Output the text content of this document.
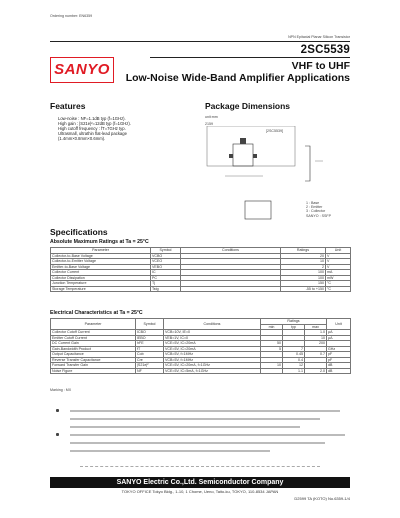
Ordering number: EN6359
NPN Epitaxial Planar Silicon Transistor
SANYO
2SC5539
VHF to UHF
Low-Noise Wide-Band Amplifier Applications
Features
Low-noise : NF=1.1dB typ (f=1GHz).
High gain : |S21e|²=12dB typ (f=1GHz).
High cutoff frequency : fT=7GHz typ.
Ultrasmall, ultrathin flat-lead package
(1.4mm×0.8mm×0.6mm).
Package Dimensions
unit:mm
2159
[2SC5539]
1 : Base
2 : Emitter
3 : Collector
SANYO : SSFP
Specifications
Absolute Maximum Ratings at Ta = 25°C
Parameter	Symbol	Conditions	Ratings	Unit
Collector-to-Base Voltage	VCBO		20	V
Collector-to-Emitter Voltage	VCEO		10	V
Emitter-to-Base Voltage	VEBO		2	V
Collector Current	IC		100	mA
Collector Dissipation	PC		100	mW
Junction Temperature	Tj		150	°C
Storage Temperature	Tstg		-55 to +150	°C
Electrical Characteristics at Ta = 25°C
Parameter	Symbol	Conditions	Ratings			Unit
			min	typ	max	
Collector Cutoff Current	ICBO	VCB=10V, IE=0			1.0	μA
Emitter Cutoff Current	IEBO	VEB=1V, IC=0			10	μA
DC Current Gain	hFE	VCE=5V, IC=20mA	50		200	
Gain-Bandwidth Product	fT	VCE=5V, IC=20mA	5	7		GHz
Output Capacitance	Cob	VCB=5V, f=1MHz		0.45	0.7	pF
Reverse Transfer Capacitance	Cre	VCB=5V, f=1MHz		0.4		pF
Forward Transfer Gain	|S21e|²	VCE=5V, IC=20mA, f=1GHz	10	12		dB
Noise Figure	NF	VCE=5V, IC=5mA, f=1GHz		1.1	2.0	dB
Marking : MX
SANYO Electric Co.,Ltd. Semiconductor Company
TOKYO OFFICE Tokyo Bldg., 1-10, 1 Chome, Ueno, Taito-ku, TOKYO, 110-8534 JAPAN
D2599 TA (KOTO) No.6359-1/4
